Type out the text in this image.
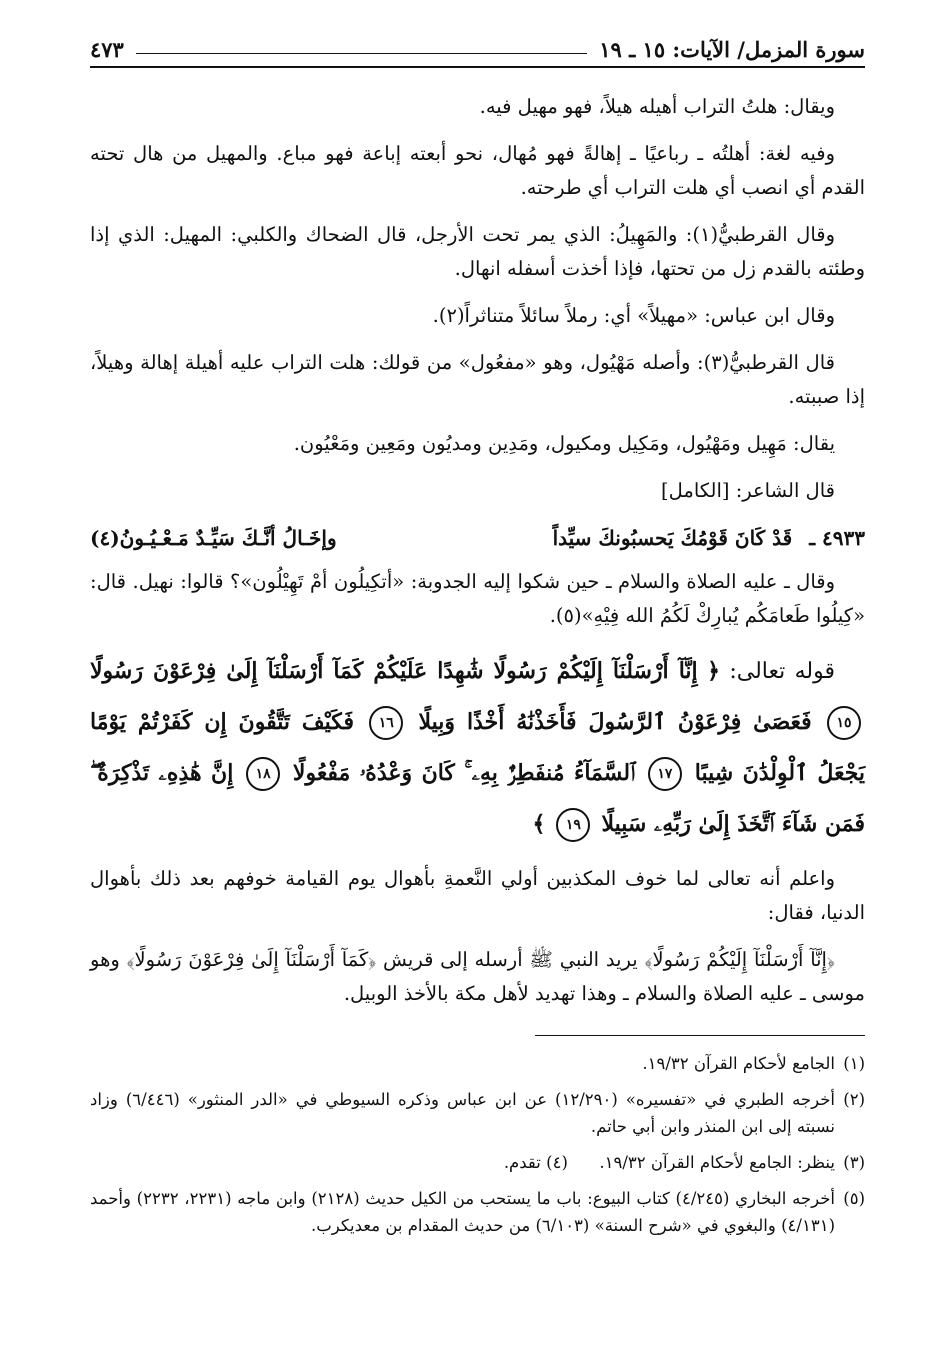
سورة المزمل/ الآيات: ١٥ ـ ١٩
٤٧٣

ويقال: هلتُ التراب أهيله هيلاً، فهو مهيل فيه.

وفيه لغة: أهلتُه ـ رباعيًا ـ إهالةً فهو مُهال، نحو أبعته إباعة فهو مباع. والمهيل من هال تحته القدم أي انصب أي هلت التراب أي طرحته.

وقال القرطبيُّ(١): والمَهِيلُ: الذي يمر تحت الأرجل، قال الضحاك والكلبي: المهيل: الذي إذا وطئته بالقدم زل من تحتها، فإذا أخذت أسفله انهال.

وقال ابن عباس: «مهيلاً» أي: رملاً سائلاً متناثراً(٢).

قال القرطبيُّ(٣): وأصله مَهْيُول، وهو «مفعُول» من قولك: هلت التراب عليه أهيلة إهالة وهيلاً، إذا صببته.

يقال: مَهِيل ومَهْيُول، ومَكِيل ومكيول، ومَدِين ومديُون ومَعِين ومَعْيُون.

قال الشاعر: [الكامل]

٤٩٣٣ ـ قَدْ كَانَ قَوْمُكَ يَحسبُونكَ سيِّداً
وإخَـالُ أنَّـكَ سَيِّـدٌ مَـعْـيُـونُ(٤)

وقال ـ عليه الصلاة والسلام ـ حين شكوا إليه الجدوبة: «أتكِيلُون أمْ تَهِيْلُون»؟ قالوا: نهيل. قال: «كِيلُوا طَعامَكُم يُبارِكْ لَكُمُ الله فِيْهِ»(٥).

قوله تعالى: ﴿ إِنَّآ أَرْسَلْنَآ إِلَيْكُمْ رَسُولًا شَٰهِدًا عَلَيْكُمْ كَمَآ أَرْسَلْنَآ إِلَىٰ فِرْعَوْنَ رَسُولًا ١٥ فَعَصَىٰ فِرْعَوْنُ ٱلرَّسُولَ فَأَخَذْنَٰهُ أَخْذًا وَبِيلًا ١٦ فَكَيْفَ تَتَّقُونَ إِن كَفَرْتُمْ يَوْمًا يَجْعَلُ ٱلْوِلْدَٰنَ شِيبًا ١٧ ٱلسَّمَآءُ مُنفَطِرٌۢ بِهِۦ ۚ كَانَ وَعْدُهُۥ مَفْعُولًا ١٨ إِنَّ هَٰذِهِۦ تَذْكِرَةٌ ۖ فَمَن شَآءَ ٱتَّخَذَ إِلَىٰ رَبِّهِۦ سَبِيلًا ١٩ ﴾

واعلم أنه تعالى لما خوف المكذبين أولي النَّعمةِ بأهوال يوم القيامة خوفهم بعد ذلك بأهوال الدنيا، فقال:

﴿إِنَّآ أَرْسَلْنَآ إِلَيْكُمْ رَسُولًا﴾ يريد النبي ﷺ أرسله إلى قريش ﴿كَمَآ أَرْسَلْنَآ إِلَىٰ فِرْعَوْنَ رَسُولًا﴾ وهو موسى ـ عليه الصلاة والسلام ـ وهذا تهديد لأهل مكة بالأخذ الوبيل.

(١)الجامع لأحكام القرآن ١٩/٣٢.

(٢)أخرجه الطبري في «تفسيره» (١٢/٢٩٠) عن ابن عباس وذكره السيوطي في «الدر المنثور» (٦/٤٤٦) وزاد نسبته إلى ابن المنذر وابن أبي حاتم.

(٣)ينظر: الجامع لأحكام القرآن ١٩/٣٢.      (٤) تقدم.

(٥)أخرجه البخاري (٤/٢٤٥) كتاب البيوع: باب ما يستحب من الكيل حديث (٢١٢٨) وابن ماجه (٢٢٣١، ٢٢٣٢) وأحمد (٤/١٣١) والبغوي في «شرح السنة» (٦/١٠٣) من حديث المقدام بن معديكرب.
